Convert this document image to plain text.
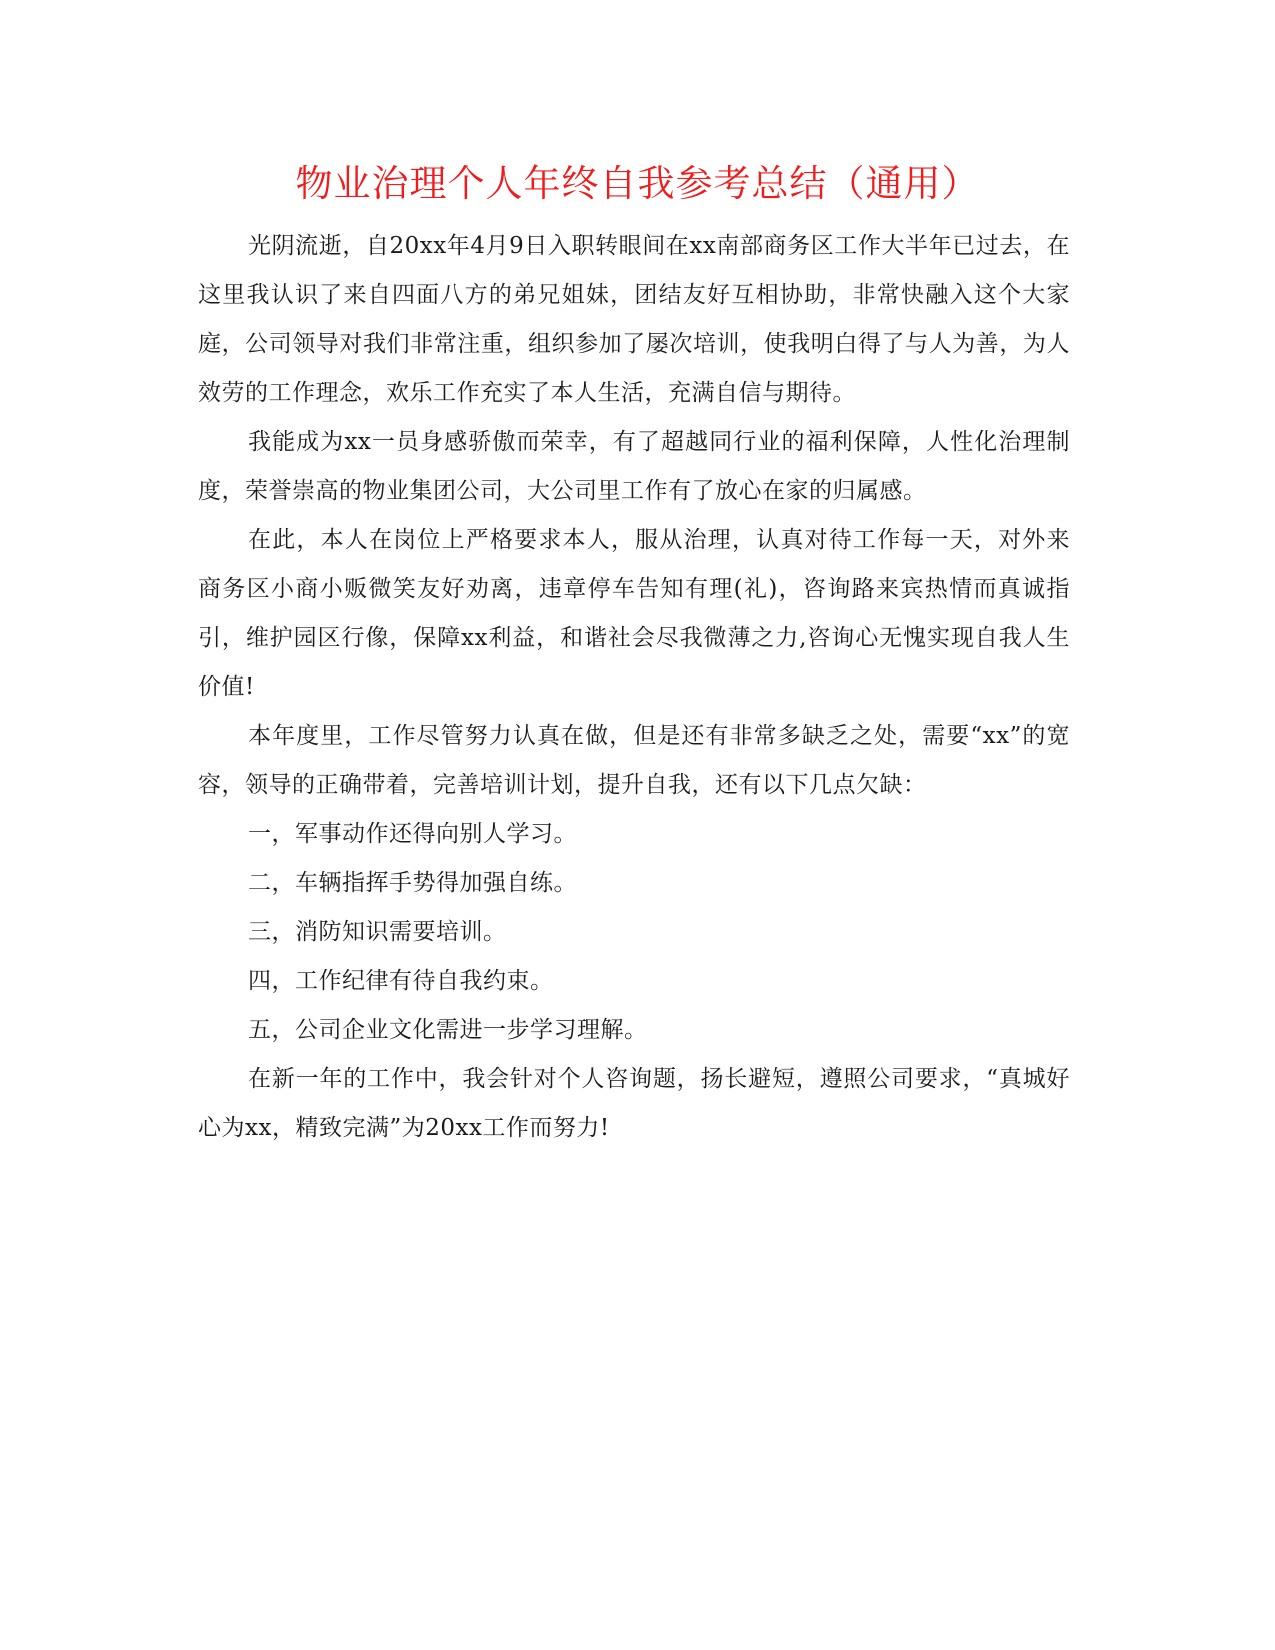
物业治理个人年终自我参考总结（通用）

光阴流逝，自20xx年4月9日入职转眼间在xx南部商务区工作大半年已过去，在这里我认识了来自四面八方的弟兄姐妹，团结友好互相协助，非常快融入这个大家庭，公司领导对我们非常注重，组织参加了屡次培训，使我明白得了与人为善，为人效劳的工作理念，欢乐工作充实了本人生活，充满自信与期待。

我能成为xx一员身感骄傲而荣幸，有了超越同行业的福利保障，人性化治理制度，荣誉崇高的物业集团公司，大公司里工作有了放心在家的归属感。

在此，本人在岗位上严格要求本人，服从治理，认真对待工作每一天，对外来商务区小商小贩微笑友好劝离，违章停车告知有理(礼)，咨询路来宾热情而真诚指引，维护园区行像，保障xx利益，和谐社会尽我微薄之力,咨询心无愧实现自我人生价值!

本年度里，工作尽管努力认真在做，但是还有非常多缺乏之处，需要“xx”的宽容，领导的正确带着，完善培训计划，提升自我，还有以下几点欠缺：

一，军事动作还得向别人学习。

二，车辆指挥手势得加强自练。

三，消防知识需要培训。

四，工作纪律有待自我约束。

五，公司企业文化需进一步学习理解。

在新一年的工作中，我会针对个人咨询题，扬长避短，遵照公司要求，“真城好心为xx，精致完满”为20xx工作而努力!
